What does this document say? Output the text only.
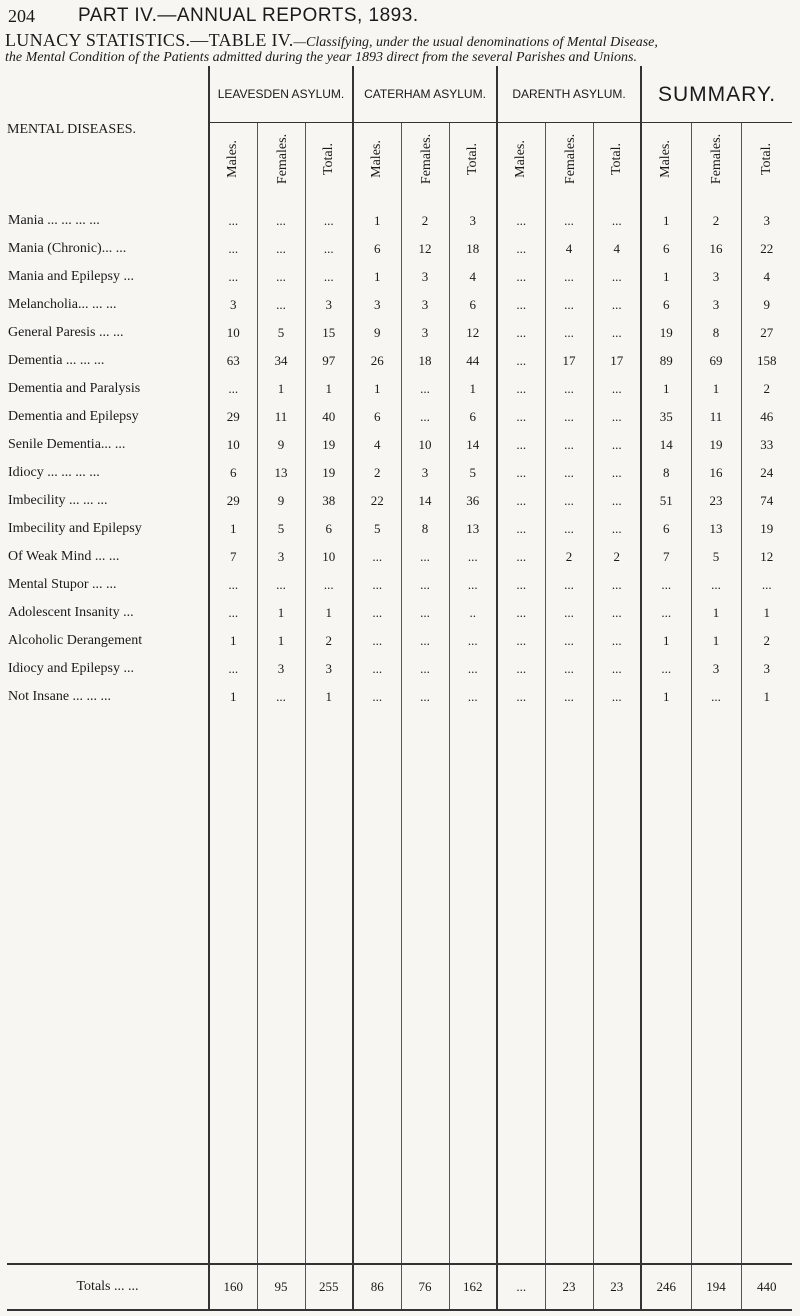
204 PART IV.—ANNUAL REPORTS, 1893.
LUNACY STATISTICS.—TABLE IV.—Classifying, under the usual denominations of Mental Disease,
the Mental Condition of the Patients admitted during the year 1893 direct from the several Parishes and Unions.
MENTAL DISEASES.	LEAVESDEN ASYLUM.			CATERHAM ASYLUM.			DARENTH ASYLUM.			SUMMARY.		
	Males.	Females.	Total.	Males.	Females.	Total.	Males.	Females.	Total.	Males.	Females.	Total.

Mania ... ... ... ...	...	...	...	1	2	3	...	...	...	1	2	3
Mania (Chronic)... ...	...	...	...	6	12	18	...	4	4	6	16	22
Mania and Epilepsy ...	...	...	...	1	3	4	...	...	...	1	3	4
Melancholia... ... ...	3	...	3	3	3	6	...	...	...	6	3	9
General Paresis ... ...	10	5	15	9	3	12	...	...	...	19	8	27
Dementia ... ... ...	63	34	97	26	18	44	...	17	17	89	69	158
Dementia and Paralysis	...	1	1	1	...	1	...	...	...	1	1	2
Dementia and Epilepsy	29	11	40	6	...	6	...	...	...	35	11	46
Senile Dementia... ...	10	9	19	4	10	14	...	...	...	14	19	33
Idiocy ... ... ... ...	6	13	19	2	3	5	...	...	...	8	16	24
Imbecility ... ... ...	29	9	38	22	14	36	...	...	...	51	23	74
Imbecility and Epilepsy	1	5	6	5	8	13	...	...	...	6	13	19
Of Weak Mind ... ...	7	3	10	...	...	...	...	2	2	7	5	12
Mental Stupor ... ...	...	...	...	...	...	...	...	...	...	...	...	...
Adolescent Insanity ...	...	1	1	...	...	..	...	...	...	...	1	1
Alcoholic Derangement	1	1	2	...	...	...	...	...	...	1	1	2
Idiocy and Epilepsy ...	...	3	3	...	...	...	...	...	...	...	3	3
Not Insane ... ... ...	1	...	1	...	...	...	...	...	...	1	...	1

Totals ... ...	160	95	255	86	76	162	...	23	23	246	194	440
